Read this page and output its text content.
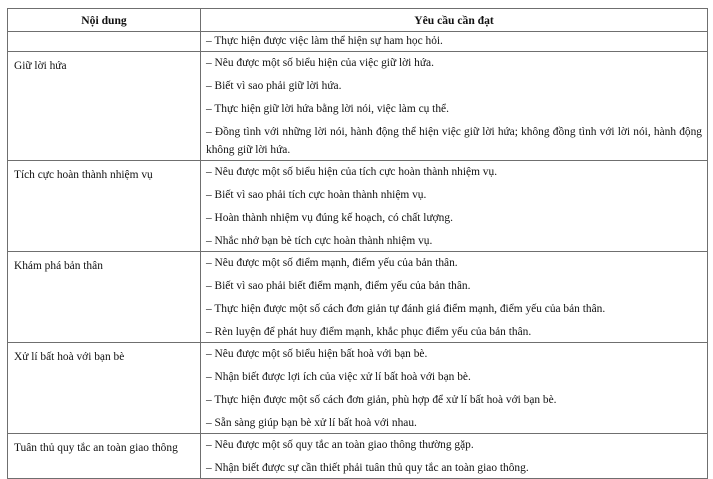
Nội dung	Yêu cầu cần đạt

	– Thực hiện được việc làm thể hiện sự ham học hỏi.

Giữ lời hứa	– Nêu được một số biểu hiện của việc giữ lời hứa.
– Biết vì sao phải giữ lời hứa.
– Thực hiện giữ lời hứa bằng lời nói, việc làm cụ thể.
– Đồng tình với những lời nói, hành động thể hiện việc giữ lời hứa; không đồng tình với lời nói, hành động không giữ lời hứa.

Tích cực hoàn thành nhiệm vụ	– Nêu được một số biểu hiện của tích cực hoàn thành nhiệm vụ.
– Biết vì sao phải tích cực hoàn thành nhiệm vụ.
– Hoàn thành nhiệm vụ đúng kế hoạch, có chất lượng.
– Nhắc nhở bạn bè tích cực hoàn thành nhiệm vụ.

Khám phá bản thân	– Nêu được một số điểm mạnh, điểm yếu của bản thân.
– Biết vì sao phải biết điểm mạnh, điểm yếu của bản thân.
– Thực hiện được một số cách đơn giản tự đánh giá điểm mạnh, điểm yếu của bản thân.
– Rèn luyện để phát huy điểm mạnh, khắc phục điểm yếu của bản thân.

Xử lí bất hoà với bạn bè	– Nêu được một số biểu hiện bất hoà với bạn bè.
– Nhận biết được lợi ích của việc xử lí bất hoà với bạn bè.
– Thực hiện được một số cách đơn giản, phù hợp để xử lí bất hoà với bạn bè.
– Sẵn sàng giúp bạn bè xử lí bất hoà với nhau.

Tuân thủ quy tắc an toàn giao thông	– Nêu được một số quy tắc an toàn giao thông thường gặp.
– Nhận biết được sự cần thiết phải tuân thủ quy tắc an toàn giao thông.
